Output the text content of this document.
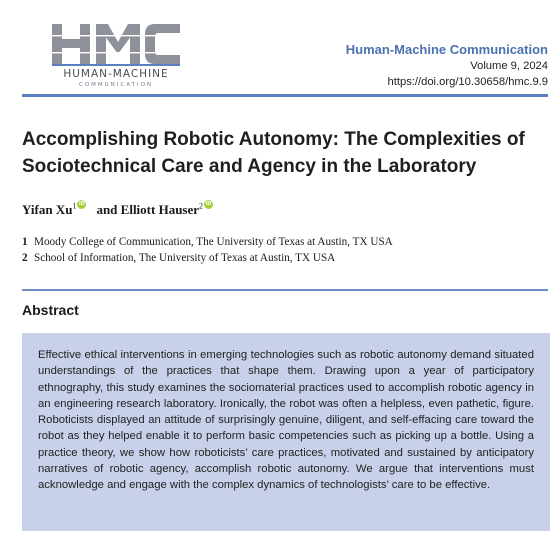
HUMAN-MACHINE
COMMUNICATION
Human-Machine Communication
Volume 9, 2024
https://doi.org/10.30658/hmc.9.9
Accomplishing Robotic Autonomy: The Complexities of Sociotechnical Care and Agency in the Laboratory
Yifan Xu$^1$iD and Elliott Hauser$^2$iD
1 Moody College of Communication, The University of Texas at Austin, TX USA
2 School of Information, The University of Texas at Austin, TX USA
Abstract

Effective ethical interventions in emerging technologies such as robotic autonomy demand situated understandings of the practices that shape them. Drawing upon a year of participatory ethnography, this study examines the sociomaterial practices used to accomplish robotic agency in an engineering research laboratory. Ironically, the robot was often a helpless, even pathetic, figure. Roboticists displayed an attitude of surprisingly genuine, diligent, and self-effacing care toward the robot as they helped enable it to perform basic competencies such as picking up a bottle. Using a practice theory, we show how roboticists’ care practices, motivated and sustained by anticipatory narratives of robotic agency, accomplish robotic autonomy. We argue that interventions must acknowledge and engage with the complex dynamics of technologists’ care to be effective.
